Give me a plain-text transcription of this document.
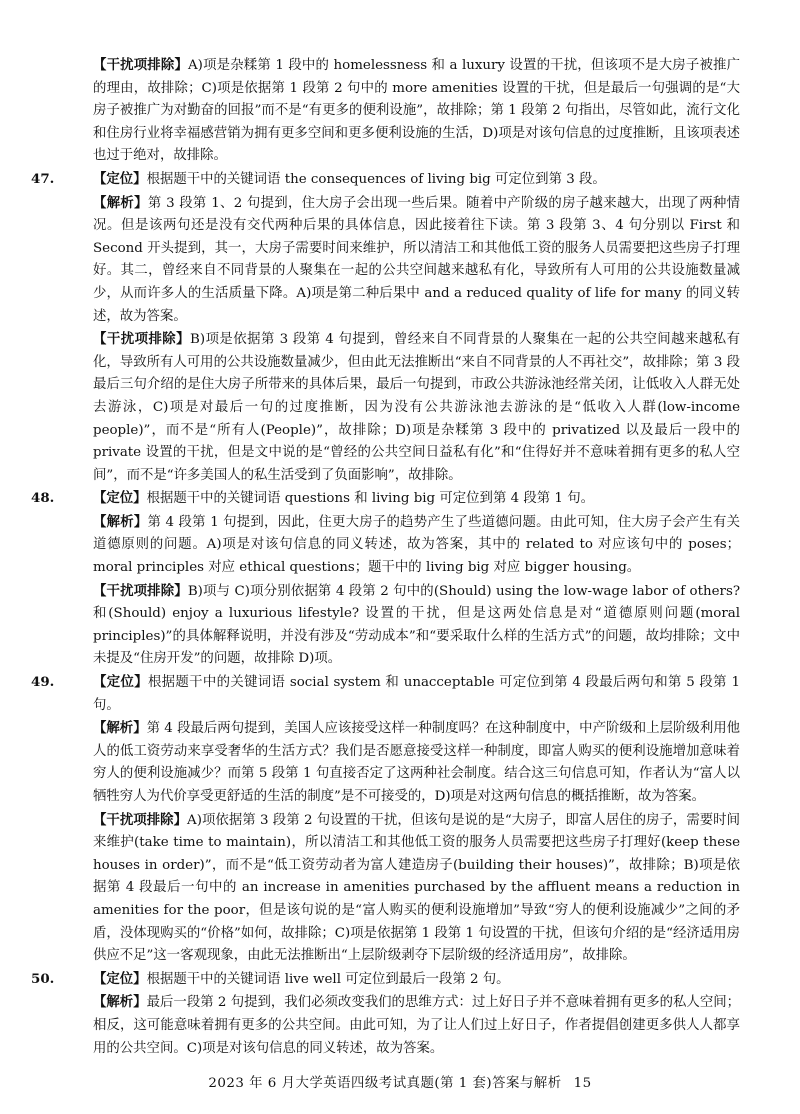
【干扰项排除】A)项是杂糅第 1 段中的 homelessness 和 a luxury 设置的干扰，但该项不是大房子被推广的理由，故排除；C)项是依据第 1 段第 2 句中的 more amenities 设置的干扰，但是最后一句强调的是“大房子被推广为对勤奋的回报”而不是“有更多的便利设施”，故排除；第 1 段第 2 句指出，尽管如此，流行文化和住房行业将幸福感营销为拥有更多空间和更多便利设施的生活，D)项是对该句信息的过度推断，且该项表述也过于绝对，故排除。

47.	【定位】根据题干中的关键词语 the consequences of living big 可定位到第 3 段。

【解析】第 3 段第 1、2 句提到，住大房子会出现一些后果。随着中产阶级的房子越来越大，出现了两种情况。但是该两句还是没有交代两种后果的具体信息，因此接着往下读。第 3 段第 3、4 句分别以 First 和 Second 开头提到，其一，大房子需要时间来维护，所以清洁工和其他低工资的服务人员需要把这些房子打理好。其二，曾经来自不同背景的人聚集在一起的公共空间越来越私有化，导致所有人可用的公共设施数量减少，从而许多人的生活质量下降。A)项是第二种后果中 and a reduced quality of life for many 的同义转述，故为答案。

【干扰项排除】B)项是依据第 3 段第 4 句提到，曾经来自不同背景的人聚集在一起的公共空间越来越私有化，导致所有人可用的公共设施数量减少，但由此无法推断出“来自不同背景的人不再社交”，故排除；第 3 段最后三句介绍的是住大房子所带来的具体后果，最后一句提到，市政公共游泳池经常关闭，让低收入人群无处去游泳，C)项是对最后一句的过度推断，因为没有公共游泳池去游泳的是“低收入人群(low-income people)”，而不是“所有人(People)”，故排除；D)项是杂糅第 3 段中的 privatized 以及最后一段中的 private 设置的干扰，但是文中说的是“曾经的公共空间日益私有化”和“住得好并不意味着拥有更多的私人空间”，而不是“许多美国人的私生活受到了负面影响”，故排除。

48.	【定位】根据题干中的关键词语 questions 和 living big 可定位到第 4 段第 1 句。

【解析】第 4 段第 1 句提到，因此，住更大房子的趋势产生了些道德问题。由此可知，住大房子会产生有关道德原则的问题。A)项是对该句信息的同义转述，故为答案，其中的 related to 对应该句中的 poses；moral principles 对应 ethical questions；题干中的 living big 对应 bigger housing。

【干扰项排除】B)项与 C)项分别依据第 4 段第 2 句中的(Should) using the low-wage labor of others? 和(Should) enjoy a luxurious lifestyle? 设置的干扰，但是这两处信息是对“道德原则问题(moral principles)”的具体解释说明，并没有涉及“劳动成本”和“要采取什么样的生活方式”的问题，故均排除；文中未提及“住房开发”的问题，故排除 D)项。

49.	【定位】根据题干中的关键词语 social system 和 unacceptable 可定位到第 4 段最后两句和第 5 段第 1 句。

【解析】第 4 段最后两句提到，美国人应该接受这样一种制度吗？在这种制度中，中产阶级和上层阶级利用他人的低工资劳动来享受奢华的生活方式？我们是否愿意接受这样一种制度，即富人购买的便利设施增加意味着穷人的便利设施减少？而第 5 段第 1 句直接否定了这两种社会制度。结合这三句信息可知，作者认为“富人以牺牲穷人为代价享受更舒适的生活的制度”是不可接受的，D)项是对这两句信息的概括推断，故为答案。

【干扰项排除】A)项依据第 3 段第 2 句设置的干扰，但该句是说的是“大房子，即富人居住的房子，需要时间来维护(take time to maintain)，所以清洁工和其他低工资的服务人员需要把这些房子打理好(keep these houses in order)”，而不是“低工资劳动者为富人建造房子(building their houses)”，故排除；B)项是依据第 4 段最后一句中的 an increase in amenities purchased by the affluent means a reduction in amenities for the poor，但是该句说的是“富人购买的便利设施增加”导致“穷人的便利设施减少”之间的矛盾，没体现购买的“价格”如何，故排除；C)项是依据第 1 段第 1 句设置的干扰，但该句介绍的是“经济适用房供应不足”这一客观现象，由此无法推断出“上层阶级剥夺下层阶级的经济适用房”，故排除。

50.	【定位】根据题干中的关键词语 live well 可定位到最后一段第 2 句。

【解析】最后一段第 2 句提到，我们必须改变我们的思维方式：过上好日子并不意味着拥有更多的私人空间；相反，这可能意味着拥有更多的公共空间。由此可知，为了让人们过上好日子，作者提倡创建更多供人人都享用的公共空间。C)项是对该句信息的同义转述，故为答案。

2023 年 6 月大学英语四级考试真题(第 1 套)答案与解析 15
